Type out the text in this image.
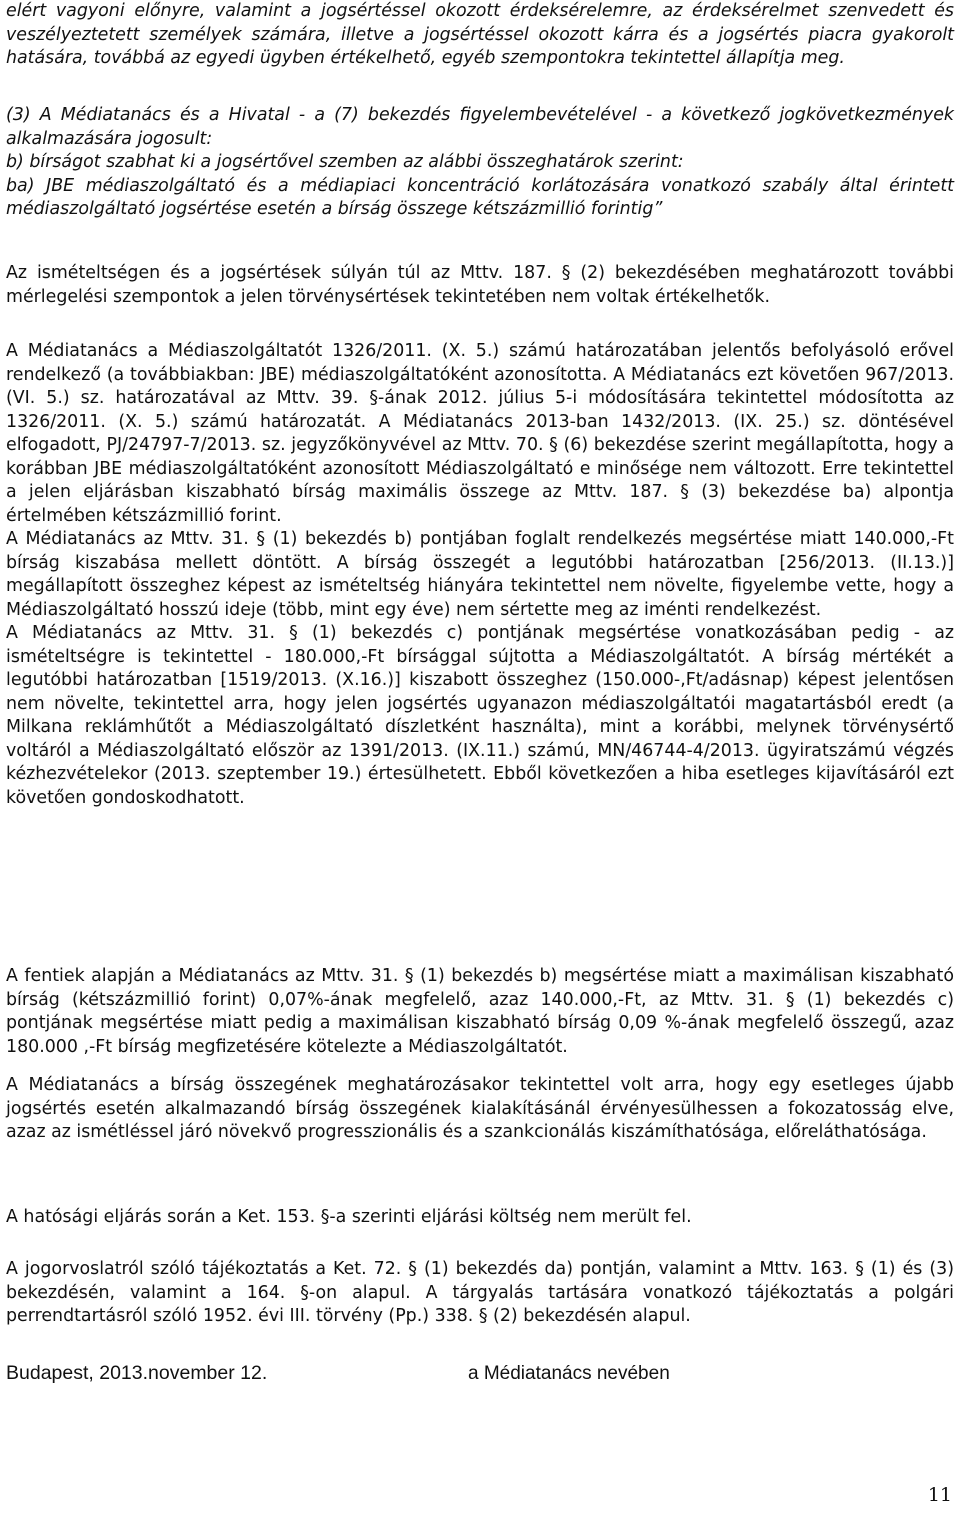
elért vagyoni előnyre, valamint a jogsértéssel okozott érdeksérelemre, az érdeksérelmet szenvedett és veszélyeztetett személyek számára, illetve a jogsértéssel okozott kárra és a jogsértés piacra gyakorolt hatására, továbbá az egyedi ügyben értékelhető, egyéb szempontokra tekintettel állapítja meg.

(3) A Médiatanács és a Hivatal - a (7) bekezdés figyelembevételével - a következő jogkövetkezmények alkalmazására jogosult:

b) bírságot szabhat ki a jogsértővel szemben az alábbi összeghatárok szerint:

ba) JBE médiaszolgáltató és a médiapiaci koncentráció korlátozására vonatkozó szabály által érintett médiaszolgáltató jogsértése esetén a bírság összege kétszázmillió forintig”

Az ismételtségen és a jogsértések súlyán túl az Mttv. 187. § (2) bekezdésében meghatározott további mérlegelési szempontok a jelen törvénysértések tekintetében nem voltak értékelhetők.

A Médiatanács a Médiaszolgáltatót 1326/2011. (X. 5.) számú határozatában jelentős befolyásoló erővel rendelkező (a továbbiakban: JBE) médiaszolgáltatóként azonosította. A Médiatanács ezt követően 967/2013. (VI. 5.) sz. határozatával az Mttv. 39. §-ának 2012. július 5-i módosítására tekintettel módosította az 1326/2011. (X. 5.) számú határozatát. A Médiatanács 2013-ban 1432/2013. (IX. 25.) sz. döntésével elfogadott, PJ/24797-7/2013. sz. jegyzőkönyvével az Mttv. 70. § (6) bekezdése szerint megállapította, hogy a korábban JBE médiaszolgáltatóként azonosított Médiaszolgáltató e minősége nem változott. Erre tekintettel a jelen eljárásban kiszabható bírság maximális összege az Mttv. 187. § (3) bekezdése ba) alpontja értelmében kétszázmillió forint.

A Médiatanács az Mttv. 31. § (1) bekezdés b) pontjában foglalt rendelkezés megsértése miatt 140.000,-Ft bírság kiszabása mellett döntött. A bírság összegét a legutóbbi határozatban [256/2013. (II.13.)] megállapított összeghez képest az ismételtség hiányára tekintettel nem növelte, figyelembe vette, hogy a Médiaszolgáltató hosszú ideje (több, mint egy éve) nem sértette meg az iménti rendelkezést.

A Médiatanács az Mttv. 31. § (1) bekezdés c) pontjának megsértése vonatkozásában pedig - az ismételtségre is tekintettel - 180.000,-Ft bírsággal sújtotta a Médiaszolgáltatót. A bírság mértékét a legutóbbi határozatban [1519/2013. (X.16.)] kiszabott összeghez (150.000-,Ft/adásnap) képest jelentősen nem növelte, tekintettel arra, hogy jelen jogsértés ugyanazon médiaszolgáltatói magatartásból eredt (a Milkana reklámhűtőt a Médiaszolgáltató díszletként használta), mint a korábbi, melynek törvénysértő voltáról a Médiaszolgáltató először az 1391/2013. (IX.11.) számú, MN/46744-4/2013. ügyiratszámú végzés kézhezvételekor (2013. szeptember 19.) értesülhetett. Ebből következően a hiba esetleges kijavításáról ezt követően gondoskodhatott.

A fentiek alapján a Médiatanács az Mttv. 31. § (1) bekezdés b) megsértése miatt a maximálisan kiszabható bírság (kétszázmillió forint) 0,07%-ának megfelelő, azaz 140.000,-Ft, az Mttv. 31. § (1) bekezdés c) pontjának megsértése miatt pedig a maximálisan kiszabható bírság 0,09 %-ának megfelelő összegű, azaz 180.000 ,-Ft bírság megfizetésére kötelezte a Médiaszolgáltatót.

A Médiatanács a bírság összegének meghatározásakor tekintettel volt arra, hogy egy esetleges újabb jogsértés esetén alkalmazandó bírság összegének kialakításánál érvényesülhessen a fokozatosság elve, azaz az ismétléssel járó növekvő progresszionális és a szankcionálás kiszámíthatósága, előreláthatósága.

A hatósági eljárás során a Ket. 153. §-a szerinti eljárási költség nem merült fel.

A jogorvoslatról szóló tájékoztatás a Ket. 72. § (1) bekezdés da) pontján, valamint a Mttv. 163. § (1) és (3) bekezdésén, valamint a 164. §-on alapul. A tárgyalás tartására vonatkozó tájékoztatás a polgári perrendtartásról szóló 1952. évi III. törvény (Pp.) 338. § (2) bekezdésén alapul.

Budapest, 2013.november 12.	a Médiatanács nevében
11
